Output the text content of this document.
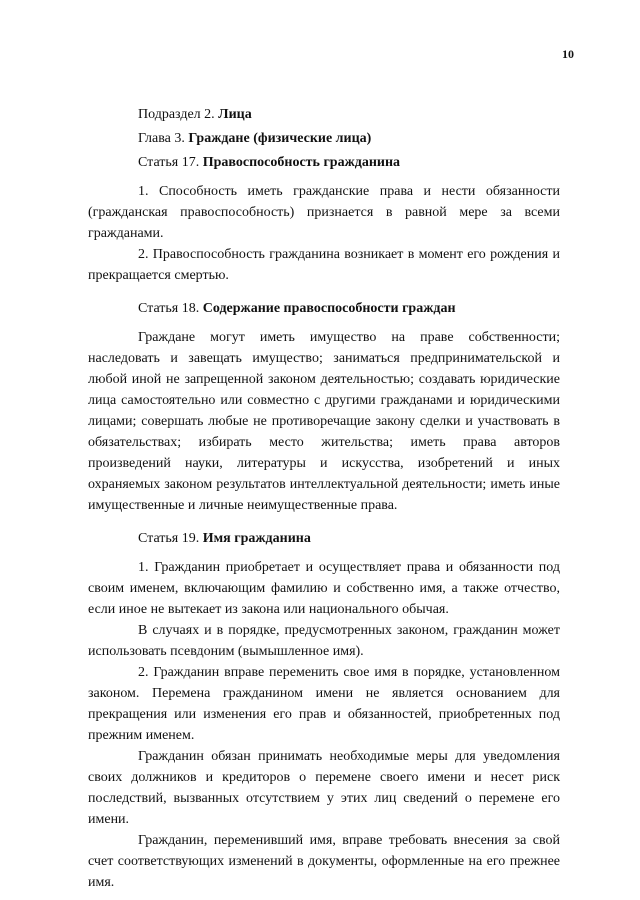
10
Подраздел 2. Лица
Глава 3. Граждане (физические лица)
Статья 17. Правоспособность гражданина

1. Способность иметь гражданские права и нести обязанности (гражданская правоспособность) признается в равной мере за всеми гражданами.

2. Правоспособность гражданина возникает в момент его рождения и прекращается смертью.

Статья 18. Содержание правоспособности граждан

Граждане могут иметь имущество на праве собственности; наследовать и завещать имущество; заниматься предпринимательской и любой иной не запрещенной законом деятельностью; создавать юридические лица самостоятельно или совместно с другими гражданами и юридическими лицами; совершать любые не противоречащие закону сделки и участвовать в обязательствах; избирать место жительства; иметь права авторов произведений науки, литературы и искусства, изобретений и иных охраняемых законом результатов интеллектуальной деятельности; иметь иные имущественные и личные неимущественные права.

Статья 19. Имя гражданина

1. Гражданин приобретает и осуществляет права и обязанности под своим именем, включающим фамилию и собственно имя, а также отчество, если иное не вытекает из закона или национального обычая.

В случаях и в порядке, предусмотренных законом, гражданин может использовать псевдоним (вымышленное имя).

2. Гражданин вправе переменить свое имя в порядке, установленном законом. Перемена гражданином имени не является основанием для прекращения или изменения его прав и обязанностей, приобретенных под прежним именем.

Гражданин обязан принимать необходимые меры для уведомления своих должников и кредиторов о перемене своего имени и несет риск последствий, вызванных отсутствием у этих лиц сведений о перемене его имени.

Гражданин, переменивший имя, вправе требовать внесения за свой счет соответствующих изменений в документы, оформленные на его прежнее имя.
